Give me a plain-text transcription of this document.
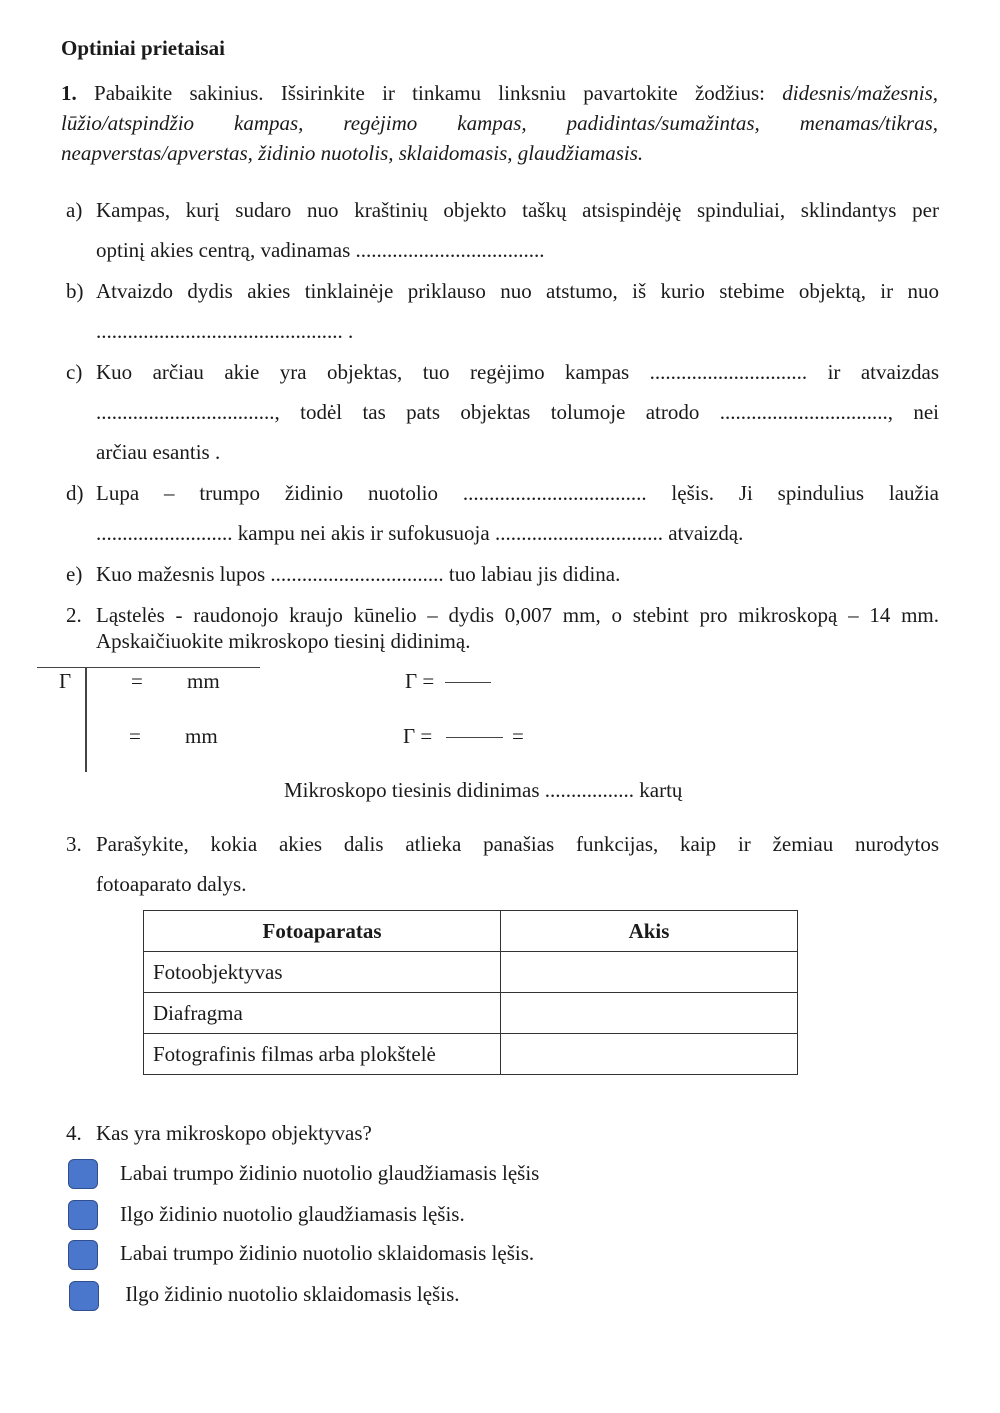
Optiniai prietaisai
1. Pabaikite sakinius. Išsirinkite ir tinkamu linksniu pavartokite žodžius: didesnis/mažesnis, lūžio/atspindžio kampas, regėjimo kampas, padidintas/sumažintas, menamas/tikras, neapverstas/apverstas, židinio nuotolis, sklaidomasis, glaudžiamasis.
a) Kampas, kurį sudaro nuo kraštinių objekto taškų atsispindėję spinduliai, sklindantys per
optinį akies centrą, vadinamas ....................................
b) Atvaizdo dydis akies tinklainėje priklauso nuo atstumo, iš kurio stebime objektą, ir nuo
............................................... .
c) Kuo arčiau akie yra objektas, tuo regėjimo kampas .............................. ir atvaizdas
.................................., todėl tas pats objektas tolumoje atrodo ................................, nei
arčiau esantis .
d) Lupa – trumpo židinio nuotolio ................................... lęšis. Ji spindulius laužia
.......................... kampu nei akis ir sufokusuoja ................................ atvaizdą.
e) Kuo mažesnis lupos ................................. tuo labiau jis didina.
2. Ląstelės - raudonojo kraujo kūnelio – dydis 0,007 mm, o stebint pro mikroskopą – 14 mm.
Apskaičiuokite mikroskopo tiesinį didinimą.
Γ	= mm
= mm
Γ =
Γ =	=
Mikroskopo tiesinis didinimas ................. kartų
3. Parašykite, kokia akies dalis atlieka panašias funkcijas, kaip ir žemiau nurodytos
fotoaparato dalys.
Fotoaparatas	Akis
Fotoobjektyvas	
Diafragma	
Fotografinis filmas arba plokštelė	
4. Kas yra mikroskopo objektyvas?
Labai trumpo židinio nuotolio glaudžiamasis lęšis
Ilgo židinio nuotolio glaudžiamasis lęšis.
Labai trumpo židinio nuotolio sklaidomasis lęšis.
Ilgo židinio nuotolio sklaidomasis lęšis.
